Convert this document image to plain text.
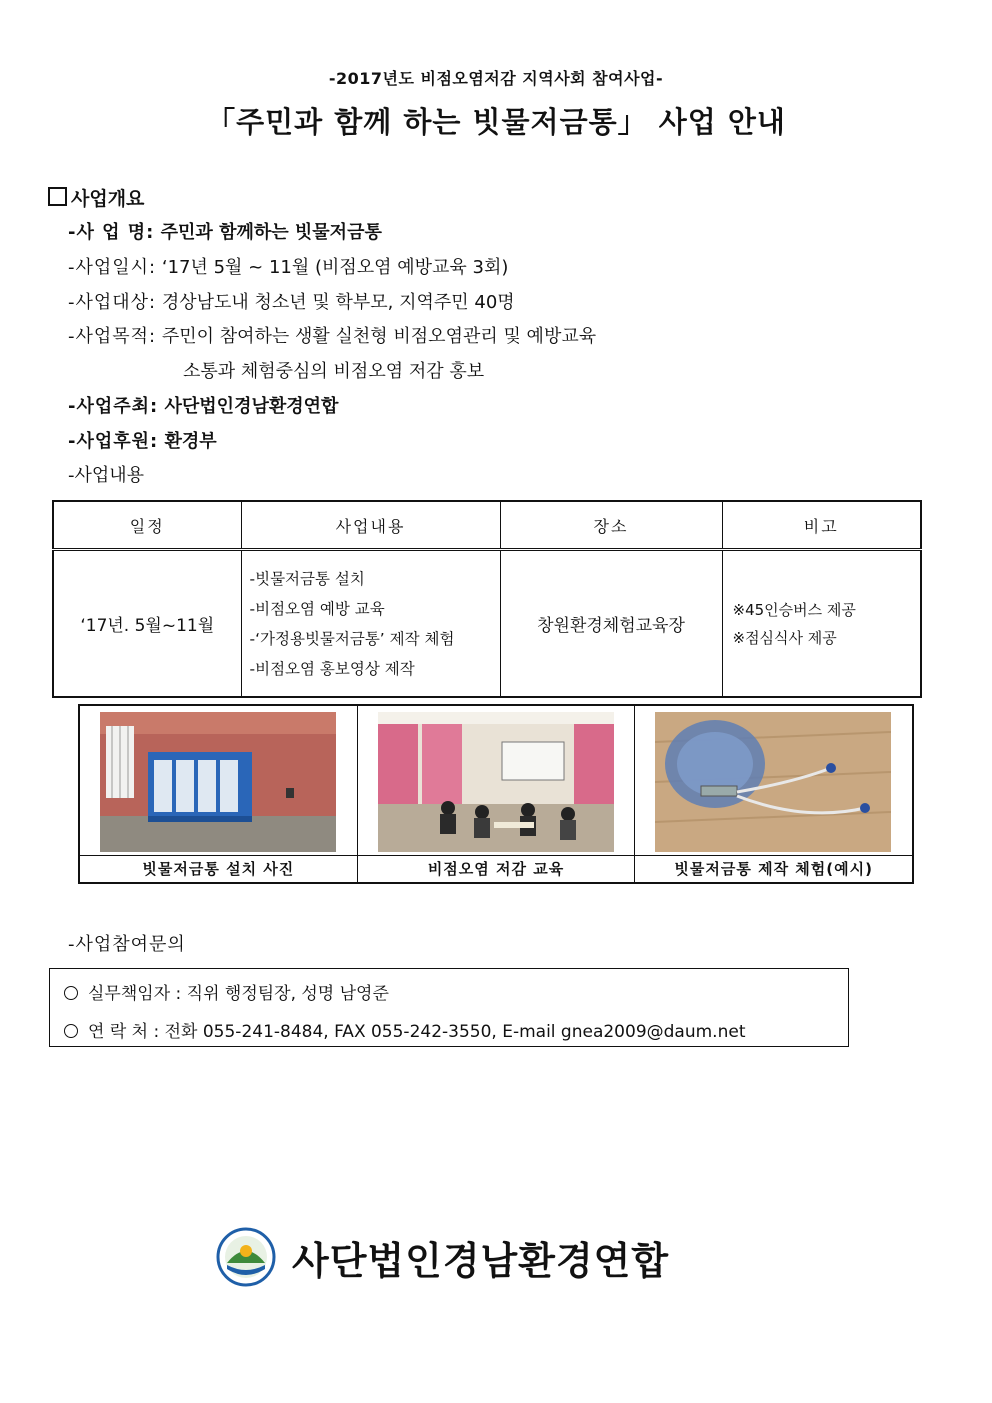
-2017년도 비점오염저감 지역사회 참여사업-
「주민과 함께 하는 빗물저금통」 사업 안내
사업개요
-사 업 명: 주민과 함께하는 빗물저금통
-사업일시: ‘17년 5월 ~ 11월 (비점오염 예방교육 3회)
-사업대상: 경상남도내 청소년 및 학부모, 지역주민 40명
-사업목적: 주민이 참여하는 생활 실천형 비점오염관리 및 예방교육
소통과 체험중심의 비점오염 저감 홍보
-사업주최: 사단법인경남환경연합
-사업후원: 환경부
-사업내용
일정	사업내용	장소	비고
‘17년. 5월~11월	-빗물저금통 설치
-비점오염 예방 교육
-‘가정용빗물저금통’ 제작 체험
-비점오염 홍보영상 제작	창원환경체험교육장	※45인승버스 제공
※점심식사 제공
빗물저금통 설치 사진	비점오염 저감 교육	빗물저금통 제작 체험(예시)
-사업참여문의
실무책임자 : 직위 행정팀장, 성명 남영준
연 락 처 : 전화 055-241-8484, FAX 055-242-3550, E-mail gnea2009@daum.net
사단법인경남환경연합
